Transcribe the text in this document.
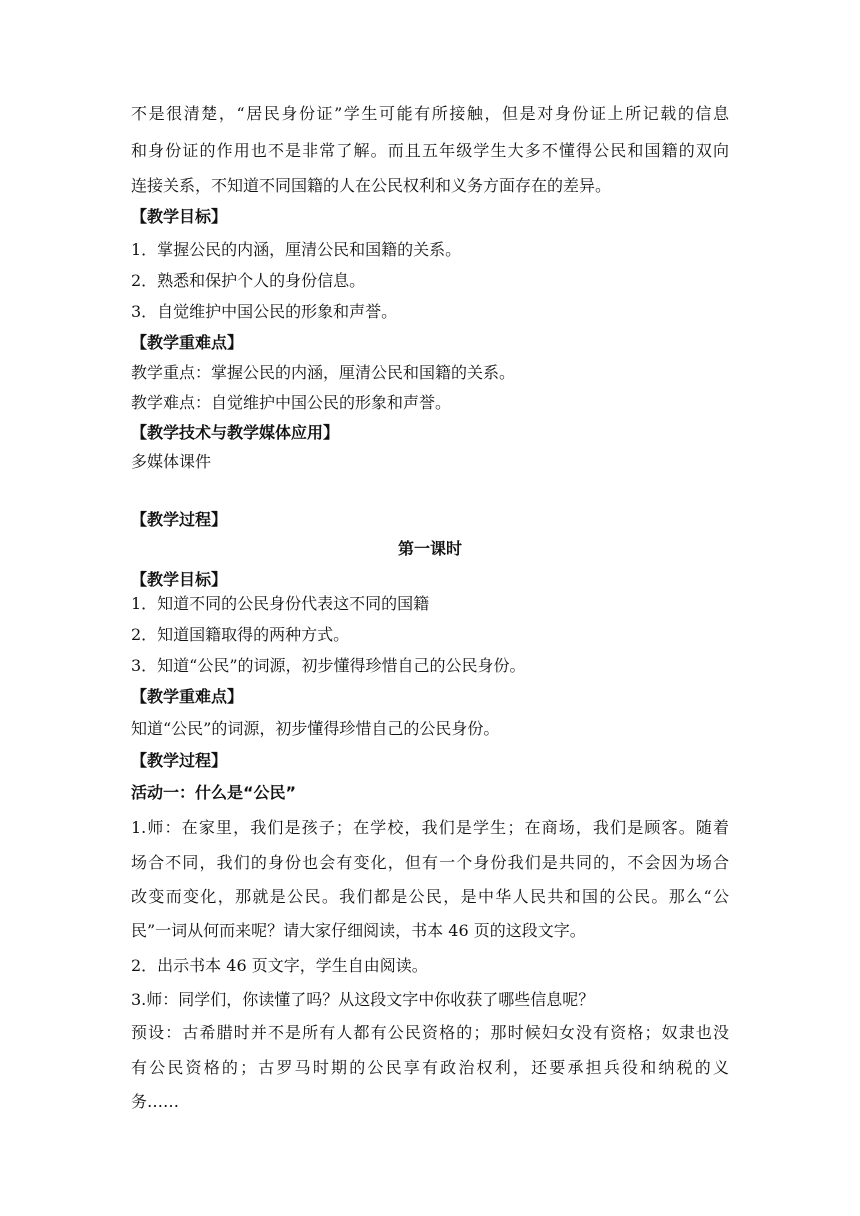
不是很清楚，“居民身份证”学生可能有所接触，但是对身份证上所记载的信息
和身份证的作用也不是非常了解。而且五年级学生大多不懂得公民和国籍的双向
连接关系，不知道不同国籍的人在公民权利和义务方面存在的差异。
【教学目标】
1．掌握公民的内涵，厘清公民和国籍的关系。
2．熟悉和保护个人的身份信息。
3．自觉维护中国公民的形象和声誉。
【教学重难点】
教学重点：掌握公民的内涵，厘清公民和国籍的关系。
教学难点：自觉维护中国公民的形象和声誉。
【教学技术与教学媒体应用】
多媒体课件
【教学过程】
第一课时
【教学目标】
1．知道不同的公民身份代表这不同的国籍
2．知道国籍取得的两种方式。
3．知道“公民”的词源，初步懂得珍惜自己的公民身份。
【教学重难点】
知道“公民”的词源，初步懂得珍惜自己的公民身份。
【教学过程】
活动一：什么是“公民”
1.师：在家里，我们是孩子；在学校，我们是学生；在商场，我们是顾客。随着
场合不同，我们的身份也会有变化，但有一个身份我们是共同的，不会因为场合
改变而变化，那就是公民。我们都是公民，是中华人民共和国的公民。那么“公
民”一词从何而来呢？请大家仔细阅读，书本 46 页的这段文字。
2．出示书本 46 页文字，学生自由阅读。
3.师：同学们，你读懂了吗？从这段文字中你收获了哪些信息呢？
预设：古希腊时并不是所有人都有公民资格的；那时候妇女没有资格；奴隶也没
有公民资格的；古罗马时期的公民享有政治权利，还要承担兵役和纳税的义
务……
